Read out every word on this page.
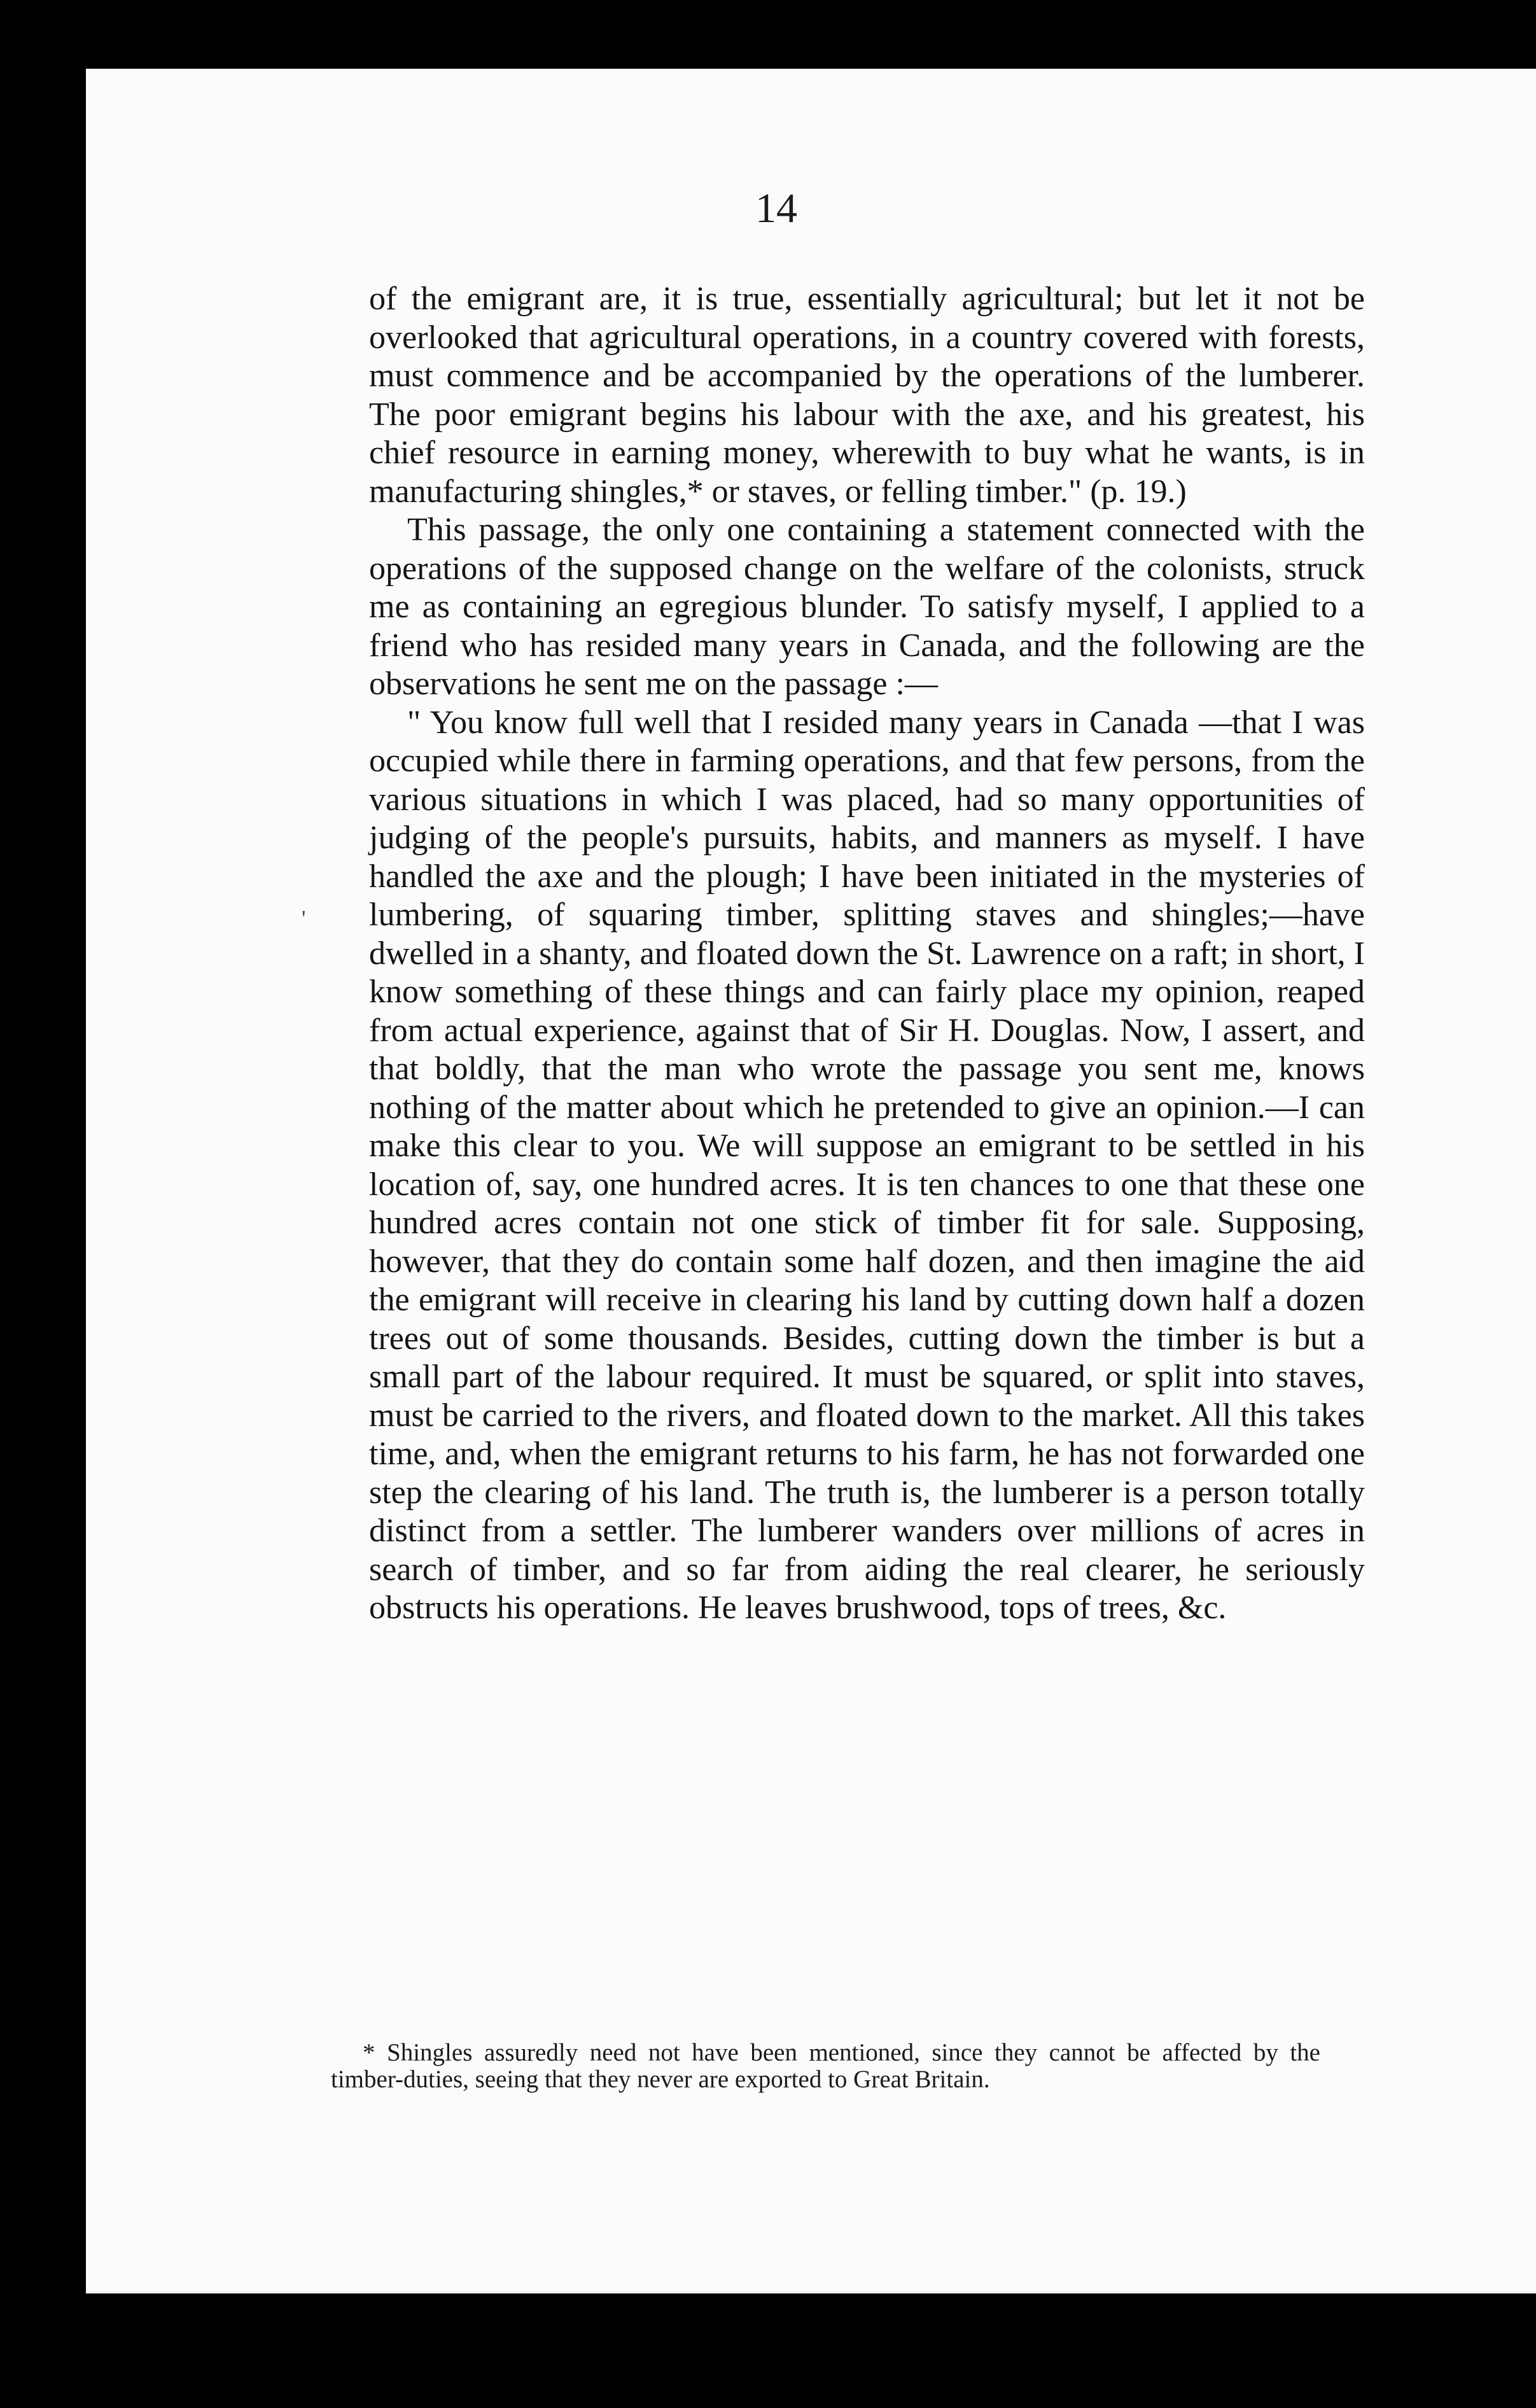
14

of the emigrant are, it is true, essentially agricultural; but let it not be overlooked that agricultural operations, in a country covered with forests, must commence and be accompanied by the operations of the lumberer. The poor emigrant begins his labour with the axe, and his greatest, his chief resource in earning money, wherewith to buy what he wants, is in manufacturing shingles,* or staves, or felling timber." (p. 19.)

This passage, the only one containing a statement connected with the operations of the supposed change on the welfare of the colonists, struck me as containing an egregious blunder. To satisfy myself, I applied to a friend who has resided many years in Canada, and the following are the observations he sent me on the passage :—

" You know full well that I resided many years in Canada —that I was occupied while there in farming operations, and that few persons, from the various situations in which I was placed, had so many opportunities of judging of the people's pursuits, habits, and manners as myself. I have handled the axe and the plough; I have been initiated in the mysteries of lumbering, of squaring timber, splitting staves and shingles;—have dwelled in a shanty, and floated down the St. Lawrence on a raft; in short, I know something of these things and can fairly place my opinion, reaped from actual experience, against that of Sir H. Douglas. Now, I assert, and that boldly, that the man who wrote the passage you sent me, knows nothing of the matter about which he pretended to give an opinion.—I can make this clear to you. We will suppose an emigrant to be settled in his location of, say, one hundred acres. It is ten chances to one that these one hundred acres contain not one stick of timber fit for sale. Supposing, however, that they do contain some half dozen, and then imagine the aid the emigrant will receive in clearing his land by cutting down half a dozen trees out of some thousands. Besides, cutting down the timber is but a small part of the labour required. It must be squared, or split into staves, must be carried to the rivers, and floated down to the market. All this takes time, and, when the emigrant returns to his farm, he has not forwarded one step the clearing of his land. The truth is, the lumberer is a person totally distinct from a settler. The lumberer wanders over millions of acres in search of timber, and so far from aiding the real clearer, he seriously obstructs his operations. He leaves brushwood, tops of trees, &c.

'
* Shingles assuredly need not have been mentioned, since they cannot be affected by the timber-duties, seeing that they never are exported to Great Britain.
